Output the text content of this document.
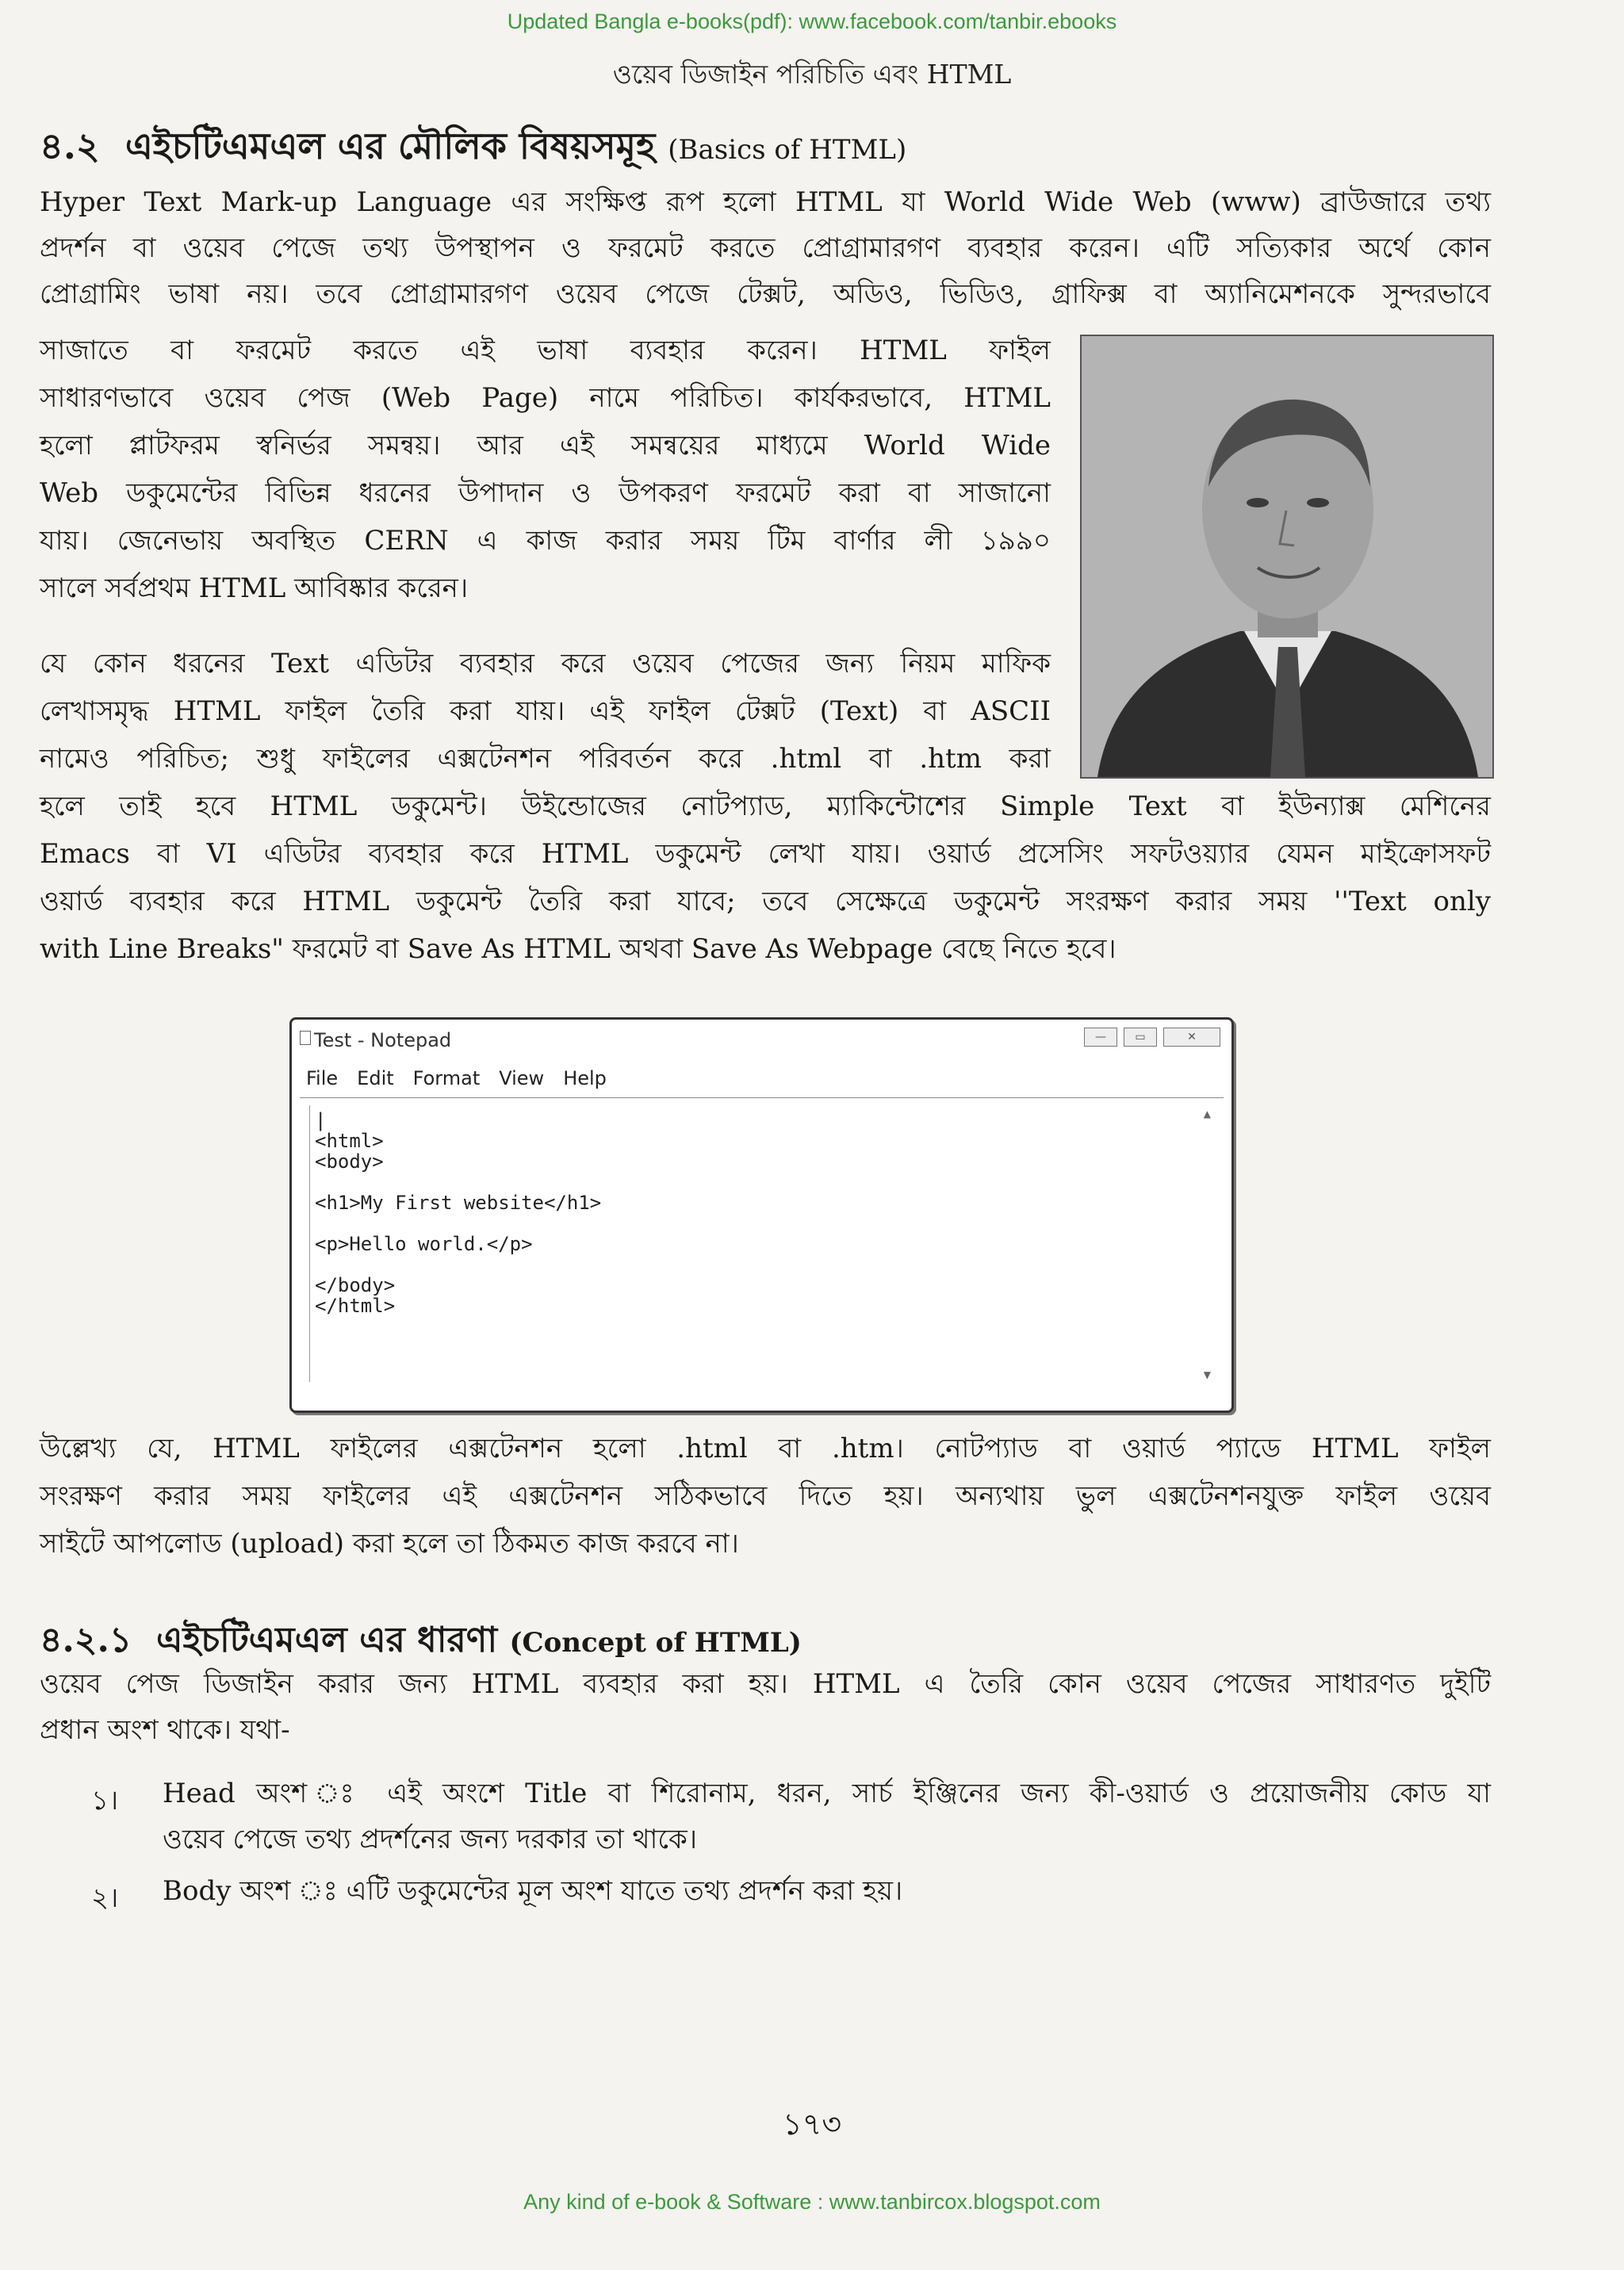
Updated Bangla e-books(pdf): www.facebook.com/tanbir.ebooks
ওয়েব ডিজাইন পরিচিতি এবং HTML
৪.২ এইচটিএমএল এর মৌলিক বিষয়সমূহ (Basics of HTML)
Hyper Text Mark-up Language এর সংক্ষিপ্ত রূপ হলো HTML যা World Wide Web (www) ব্রাউজারে তথ্য
প্রদর্শন বা ওয়েব পেজে তথ্য উপস্থাপন ও ফরমেট করতে প্রোগ্রামারগণ ব্যবহার করেন। এটি সত্যিকার অর্থে কোন
প্রোগ্রামিং ভাষা নয়। তবে প্রোগ্রামারগণ ওয়েব পেজে টেক্সট, অডিও, ভিডিও, গ্রাফিক্স বা অ্যানিমেশনকে সুন্দরভাবে
সাজাতে বা ফরমেট করতে এই ভাষা ব্যবহার করেন। HTML ফাইল
সাধারণভাবে ওয়েব পেজ (Web Page) নামে পরিচিত। কার্যকরভাবে, HTML
হলো প্লাটফরম স্বনির্ভর সমন্বয়। আর এই সমন্বয়ের মাধ্যমে World Wide
Web ডকুমেন্টের বিভিন্ন ধরনের উপাদান ও উপকরণ ফরমেট করা বা সাজানো
যায়। জেনেভায় অবস্থিত CERN এ কাজ করার সময় টিম বার্ণার লী ১৯৯০
সালে সর্বপ্রথম HTML আবিষ্কার করেন।
যে কোন ধরনের Text এডিটর ব্যবহার করে ওয়েব পেজের জন্য নিয়ম মাফিক
লেখাসমৃদ্ধ HTML ফাইল তৈরি করা যায়। এই ফাইল টেক্সট (Text) বা ASCII
নামেও পরিচিত; শুধু ফাইলের এক্সটেনশন পরিবর্তন করে .html বা .htm করা
হলে তাই হবে HTML ডকুমেন্ট। উইন্ডোজের নোটপ্যাড, ম্যাকিন্টোশের Simple Text বা ইউন্যাক্স মেশিনের
Emacs বা VI এডিটর ব্যবহার করে HTML ডকুমেন্ট লেখা যায়। ওয়ার্ড প্রসেসিং সফটওয়্যার যেমন মাইক্রোসফট
ওয়ার্ড ব্যবহার করে HTML ডকুমেন্ট তৈরি করা যাবে; তবে সেক্ষেত্রে ডকুমেন্ট সংরক্ষণ করার সময় ''Text only
with Line Breaks" ফরমেট বা Save As HTML অথবা Save As Webpage বেছে নিতে হবে।
Test - Notepad	—	▭	✕
File Edit Format View Help
|
<html>
<body>

<h1>My First website</h1>

<p>Hello world.</p>

</body>
</html>
▲
▼
উল্লেখ্য যে, HTML ফাইলের এক্সটেনশন হলো .html বা .htm। নোটপ্যাড বা ওয়ার্ড প্যাডে HTML ফাইল
সংরক্ষণ করার সময় ফাইলের এই এক্সটেনশন সঠিকভাবে দিতে হয়। অন্যথায় ভুল এক্সটেনশনযুক্ত ফাইল ওয়েব
সাইটে আপলোড (upload) করা হলে তা ঠিকমত কাজ করবে না।
৪.২.১ এইচটিএমএল এর ধারণা (Concept of HTML)
ওয়েব পেজ ডিজাইন করার জন্য HTML ব্যবহার করা হয়। HTML এ তৈরি কোন ওয়েব পেজের সাধারণত দুইটি
প্রধান অংশ থাকে। যথা-
১। Head অংশ ঃ এই অংশে Title বা শিরোনাম, ধরন, সার্চ ইঞ্জিনের জন্য কী-ওয়ার্ড ও প্রয়োজনীয় কোড যা
ওয়েব পেজে তথ্য প্রদর্শনের জন্য দরকার তা থাকে।
২। Body অংশ ঃ এটি ডকুমেন্টের মূল অংশ যাতে তথ্য প্রদর্শন করা হয়।
১৭৩
Any kind of e-book & Software : www.tanbircox.blogspot.com
